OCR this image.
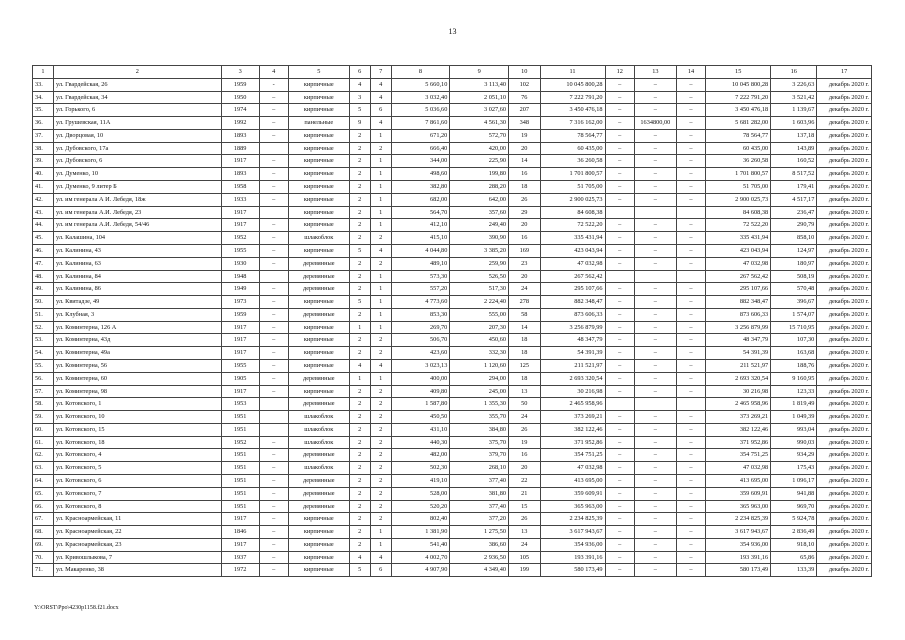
13
1	2	3	4	5	6	7	8	9	10	11	12	13	14	15	16	17
33.	ул. Гвардейская, 26	1959	-	кирпичные	4	4	5 660,10	3 113,40	102	10 045 800,28	–	–	–	10 045 800,28	3 226,63	декабрь 2020 г.
34.	ул. Гвардейская, 34	1950	–	кирпичные	3	4	3 032,40	2 051,10	76	7 222 791,20	–	–	–	7 222 791,20	3 521,42	декабрь 2020 г.
35.	ул. Горького, 6	1974	–	кирпичные	5	6	5 036,60	3 027,60	207	3 450 476,18	–	–	–	3 450 476,18	1 139,67	декабрь 2020 г.
36.	ул. Грушевская, 11А	1992	–	панельные	9	4	7 861,60	4 561,30	348	7 316 162,00	–	1634800,00	–	5 681 282,00	1 603,96	декабрь 2020 г.
37.	ул. Дворцовая, 10	1893	–	кирпичные	2	1	671,20	572,70	19	78 564,77	–	–	–	78 564,77	137,18	декабрь 2020 г.
38.	ул. Дубовского, 17а	1889		кирпичные	2	2	666,40	420,00	20	60 435,00	–	–	–	60 435,00	143,89	декабрь 2020 г.
39.	ул. Дубовского, 6	1917	–	кирпичные	2	1	344,00	225,90	14	36 260,58	–	–	–	36 260,58	160,52	декабрь 2020 г.
40.	ул. Думенко, 10	1893	–	кирпичные	2	1	498,60	199,80	16	1 701 800,57	–	–	–	1 701 800,57	8 517,52	декабрь 2020 г.
41.	ул. Думенко, 9 литер Б	1958	–	кирпичные	2	1	382,80	288,20	18	51 705,00	–	–	–	51 705,00	179,41	декабрь 2020 г.
42.	ул. им генерала А И. Лебедя, 18ж	1933	–	кирпичные	2	1	682,00	642,00	26	2 900 025,73	–	–	–	2 900 025,73	4 517,17	декабрь 2020 г.
43.	ул. им генерала А.И. Лебедя, 23	1917		кирпичные	2	1	564,70	357,60	29	84 608,38				84 608,38	236,47	декабрь 2020 г.
44.	ул. им генерала А.И. Лебедя, 54/46	1917	–	кирпичные	2	1	412,10	249,40	20	72 522,20	–	–	–	72 522,20	290,79	декабрь 2020 г.
45.	ул. Калашина, 104	1952	–	шлакоблок	2	2	415,10	390,90	16	335 431,94	–	–	–	335 431,94	858,10	декабрь 2020 г.
46.	ул. Калинина, 43	1955	–	кирпичные	5	4	4 044,80	3 385,20	169	423 043,94	–	–	–	423 043,94	124,97	декабрь 2020 г.
47.	ул. Калинина, 63	1930	–	деревянные	2	2	489,10	259,90	23	47 032,98	–	–	–	47 032,98	180,97	декабрь 2020 г.
48.	ул. Калинина, 84	1948		деревянные	2	1	573,30	526,50	20	267 562,42				267 562,42	508,19	декабрь 2020 г.
49.	ул. Калинина, 86	1949	–	деревянные	2	1	557,20	517,30	24	295 107,66	–	–	–	295 107,66	570,48	декабрь 2020 г.
50.	ул. Квитадзе, 49	1973	–	кирпичные	5	1	4 773,60	2 224,40	278	882 348,47	–	–	–	882 348,47	396,67	декабрь 2020 г.
51.	ул. Клубная, 3	1959	–	деревянные	2	1	853,30	555,00	58	873 606,33	–	–	–	873 606,33	1 574,07	декабрь 2020 г.
52.	ул. Коминтерна, 126 А	1917	–	кирпичные	1	1	269,70	207,30	14	3 256 879,99	–	–	–	3 256 879,99	15 710,95	декабрь 2020 г.
53.	ул. Коминтерна, 43д	1917	–	кирпичные	2	2	506,70	450,60	18	48 347,79	–	–	–	48 347,79	107,30	декабрь 2020 г.
54.	ул. Коминтерна, 49а	1917	–	кирпичные	2	2	423,60	332,30	18	54 391,39	–	–	–	54 391,39	163,68	декабрь 2020 г.
55.	ул. Коминтерна, 56	1955	–	кирпичные	4	4	3 023,13	1 120,60	125	211 521,97	–	–	–	211 521,97	188,76	декабрь 2020 г.
56.	ул. Коминтерна, 60	1905	–	деревянные	1	1	400,00	294,00	18	2 693 320,54	–	–	–	2 693 320,54	9 160,95	декабрь 2020 г.
57.	ул. Коминтерна, 98	1917	–	кирпичные	2	2	409,80	245,00	13	30 216,98	–	–	–	30 216,98	123,33	декабрь 2020 г.
58.	ул. Котовского, 1	1953		деревянные	2	2	1 587,80	1 355,30	50	2 465 958,96				2 465 958,96	1 819,49	декабрь 2020 г.
59.	ул. Котовского, 10	1951		шлакоблок	2	2	450,50	355,70	24	373 269,21	–	–	–	373 269,21	1 049,39	декабрь 2020 г.
60.	ул. Котовского, 15	1951		шлакоблок	2	2	431,10	384,80	26	382 122,46	–	–	–	382 122,46	993,04	декабрь 2020 г.
61.	ул. Котовского, 18	1952	–	шлакоблок	2	2	440,30	375,70	19	371 952,86	–	–	–	371 952,86	990,03	декабрь 2020 г.
62.	ул. Котовского, 4	1951	–	деревянные	2	2	482,00	379,70	16	354 751,25	–	–	–	354 751,25	934,29	декабрь 2020 г.
63.	ул. Котовского, 5	1951	–	шлакоблок	2	2	502,30	268,10	20	47 032,98	–	–	–	47 032,98	175,43	декабрь 2020 г.
64.	ул. Котовского, 6	1951	–	деревянные	2	2	419,10	377,40	22	413 695,00	–	–	–	413 695,00	1 096,17	декабрь 2020 г.
65.	ул. Котовского, 7	1951	–	деревянные	2	2	528,00	381,80	21	359 609,91	–	–	–	359 609,91	941,88	декабрь 2020 г.
66.	ул. Котовского, 8	1951	–	деревянные	2	2	520,20	377,40	15	365 963,00	–	–	–	365 963,00	969,70	декабрь 2020 г.
67.	ул. Красноармейская, 11	1917	–	кирпичные	2	2	802,40	377,20	26	2 234 825,39	–	–	–	2 234 825,39	5 924,78	декабрь 2020 г.
68.	ул. Красноармейская, 22	1846	–	кирпичные	2	1	1 381,90	1 275,50	13	3 617 943,67	–	–	–	3 617 943,67	2 836,49	декабрь 2020 г.
69.	ул. Красноармейская, 23	1917	–	кирпичные	2	1	541,40	386,60	24	354 936,00	–	–	–	354 936,00	918,10	декабрь 2020 г.
70.	ул. Кривошлыкова, 7	1937	–	кирпичные	4	4	4 002,70	2 936,50	105	193 391,16	–	–	–	193 391,16	65,86	декабрь 2020 г.
71.	ул. Макаренко, 38	1972	–	кирпичные	5	6	4 907,90	4 349,40	199	580 173,49	–	–	–	580 173,49	133,39	декабрь 2020 г.
Y:\ORST\Ppo\4230p1158.f21.docx
